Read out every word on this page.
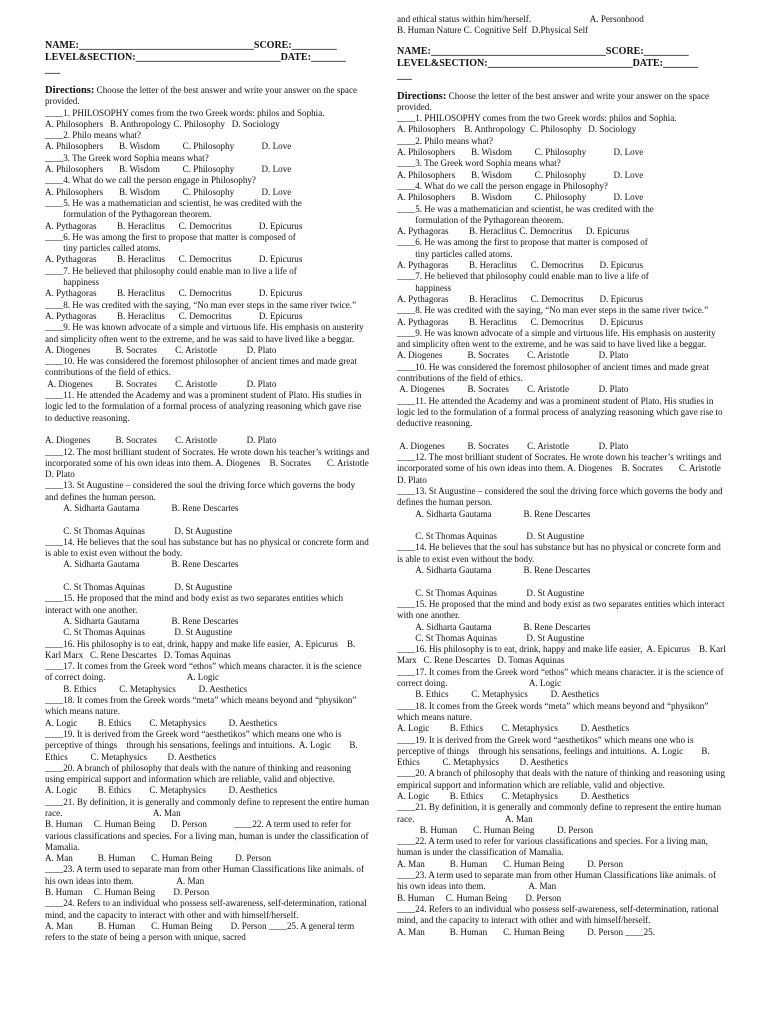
NAME:___________________________________SCORE:_________

LEVEL&SECTION:_____________________________DATE:_______

___

Directions: Choose the letter of the best answer and write your answer on the space provided.

____1. PHILOSOPHY comes from the two Greek words: philos and Sophia.

A. Philosophers   B. Anthropology C. Philosophy   D. Sociology

____2. Philo means what?

A. Philosophers       B. Wisdom          C. Philosophy            D. Love

____3. The Greek word Sophia means what?

A. Philosophers       B. Wisdom          C. Philosophy            D. Love

____4. What do we call the person engage in Philosophy?

A. Philosophers       B. Wisdom          C. Philosophy            D. Love

____5. He was a mathematician and scientist, he was credited with the

formulation of the Pythagorean theorem.

A. Pythagoras         B. Heraclitus      C. Democritus            D. Epicurus

____6. He was among the first to propose that matter is composed of

tiny particles called atoms.

A. Pythagoras         B. Heraclitus      C. Democritus            D. Epicurus

____7. He believed that philosophy could enable man to live a life of

happiness

A. Pythagoras         B. Heraclitus      C. Democritus            D. Epicurus

____8. He was credited with the saying, “No man ever steps in the same river twice.”

A. Pythagoras         B. Heraclitus      C. Democritus            D. Epicurus

____9. He was known advocate of a simple and virtuous life. His emphasis on austerity and simplicity often went to the extreme, and he was said to have lived like a beggar.

A. Diogenes           B. Socrates        C. Aristotle             D. Plato

____10. He was considered the foremost philosopher of ancient times and made great contributions of the field of ethics.

A. Diogenes          B. Socrates        C. Aristotle             D. Plato

____11. He attended the Academy and was a prominent student of Plato. His studies in logic led to the formulation of a formal process of analyzing reasoning which gave rise to deductive reasoning.

A. Diogenes           B. Socrates        C. Aristotle             D. Plato

____12. The most brilliant student of Socrates. He wrote down his teacher’s writings and incorporated some of his own ideas into them. A. Diogenes    B. Socrates       C. Aristotle      D. Plato

____13. St Augustine – considered the soul the driving force which governs the body and defines the human person.

A. Sidharta Gautama              B. Rene Descartes

C. St Thomas Aquinas             D. St Augustine

____14. He believes that the soul has substance but has no physical or concrete form and is able to exist even without the body.

A. Sidharta Gautama              B. Rene Descartes

C. St Thomas Aquinas             D. St Augustine

____15. He proposed that the mind and body exist as two separates entities which interact with one another.

A. Sidharta Gautama              B. Rene Descartes

C. St Thomas Aquinas             D. St Augustine

____16. His philosophy is to eat, drink, happy and make life easier,  A. Epicurus    B. Karl Marx   C. Rene Descartes   D. Tomas Aquinas

____17. It comes from the Greek word “ethos” which means character. it is the science of correct doing.                                    A. Logic

B. Ethics          C. Metaphysics          D. Aesthetics

____18. It comes from the Greek words “meta” which means beyond and “physikon” which means nature.

A. Logic         B. Ethics        C. Metaphysics          D. Aesthetics

____19. It is derived from the Greek word “aesthetikos” which means one who is perceptive of things    through his sensations, feelings and intuitions.  A. Logic        B. Ethics          C. Metaphysics         D. Aesthetics

____20. A branch of philosophy that deals with the nature of thinking and reasoning using empirical support and information which are reliable, valid and objective.

A. Logic         B. Ethics        C. Metaphysics          D. Aesthetics

____21. By definition, it is generally and commonly define to represent the entire human race.                                        A. Man

B. Human     C. Human Being       D. Person            ____22. A term used to refer for various classifications and species. For a living man, human is under the classification of Mamalia.

A. Man           B. Human       C. Human Being          D. Person

____23. A term used to separate man from other Human Classifications like animals. of his own ideas into them.                   A. Man

B. Human     C. Human Being        D. Person

____24. Refers to an individual who possess self-awareness, self-determination, rational mind, and the capacity to interact with other and with himself/herself.

A. Man           B. Human       C. Human Being        D. Person ____25. A general term refers to the state of being a person with unique, sacred

and ethical status within him/herself.                          A. Personhood

B. Human Nature C. Cognitive Self  D.Physical Self

NAME:___________________________________SCORE:_________

LEVEL&SECTION:_____________________________DATE:_______

___

Directions: Choose the letter of the best answer and write your answer on the space provided.

____1. PHILOSOPHY comes from the two Greek words: philos and Sophia.

A. Philosophers    B. Anthropology  C. Philosophy   D. Sociology

____2. Philo means what?

A. Philosophers       B. Wisdom          C. Philosophy            D. Love

____3. The Greek word Sophia means what?

A. Philosophers       B. Wisdom          C. Philosophy            D. Love

____4. What do we call the person engage in Philosophy?

A. Philosophers       B. Wisdom          C. Philosophy            D. Love

____5. He was a mathematician and scientist, he was credited with the

formulation of the Pythagorean theorem.

A. Pythagoras         B. Heraclitus C. Democritus      D. Epicurus

____6. He was among the first to propose that matter is composed of

tiny particles called atoms.

A. Pythagoras         B. Heraclitus      C. Democritus       D. Epicurus

____7. He believed that philosophy could enable man to live a life of

happiness

A. Pythagoras         B. Heraclitus      C. Democritus       D. Epicurus

____8. He was credited with the saying, “No man ever steps in the same river twice.”

A. Pythagoras         B. Heraclitus      C. Democritus       D. Epicurus

____9. He was known advocate of a simple and virtuous life. His emphasis on austerity and simplicity often went to the extreme, and he was said to have lived like a beggar.

A. Diogenes           B. Socrates        C. Aristotle             D. Plato

____10. He was considered the foremost philosopher of ancient times and made great contributions of the field of ethics.

A. Diogenes          B. Socrates        C. Aristotle             D. Plato

____11. He attended the Academy and was a prominent student of Plato. His studies in logic led to the formulation of a formal process of analyzing reasoning which gave rise to deductive reasoning.

A. Diogenes          B. Socrates        C. Aristotle             D. Plato

____12. The most brilliant student of Socrates. He wrote down his teacher’s writings and incorporated some of his own ideas into them. A. Diogenes    B. Socrates       C. Aristotle      D. Plato

____13. St Augustine – considered the soul the driving force which governs the body and defines the human person.

A. Sidharta Gautama              B. Rene Descartes

C. St Thomas Aquinas             D. St Augustine

____14. He believes that the soul has substance but has no physical or concrete form and is able to exist even without the body.

A. Sidharta Gautama              B. Rene Descartes

C. St Thomas Aquinas             D. St Augustine

____15. He proposed that the mind and body exist as two separates entities which interact with one another.

A. Sidharta Gautama              B. Rene Descartes

C. St Thomas Aquinas             D. St Augustine

____16. His philosophy is to eat, drink, happy and make life easier,  A. Epicurus    B. Karl Marx   C. Rene Descartes   D. Tomas Aquinas

____17. It comes from the Greek word “ethos” which means character. it is the science of correct doing.                                    A. Logic

B. Ethics          C. Metaphysics          D. Aesthetics

____18. It comes from the Greek words “meta” which means beyond and “physikon” which means nature.

A. Logic         B. Ethics        C. Metaphysics          D. Aesthetics

____19. It is derived from the Greek word “aesthetikos” which means one who is perceptive of things    through his sensations, feelings and intuitions.  A. Logic        B. Ethics          C. Metaphysics         D. Aesthetics

____20. A branch of philosophy that deals with the nature of thinking and reasoning using empirical support and information which are reliable, valid and objective.

A. Logic         B. Ethics        C. Metaphysics          D. Aesthetics

____21. By definition, it is generally and commonly define to represent the entire human race.                                        A. Man

B. Human       C. Human Being          D. Person

____22. A term used to refer for various classifications and species. For a living man, human is under the classification of Mamalia.

A. Man           B. Human       C. Human Being          D. Person

____23. A term used to separate man from other Human Classifications like animals. of his own ideas into them.                   A. Man

B. Human     C. Human Being        D. Person

____24. Refers to an individual who possess self-awareness, self-determination, rational mind, and the capacity to interact with other and with himself/herself.

A. Man           B. Human       C. Human Being          D. Person ____25.
